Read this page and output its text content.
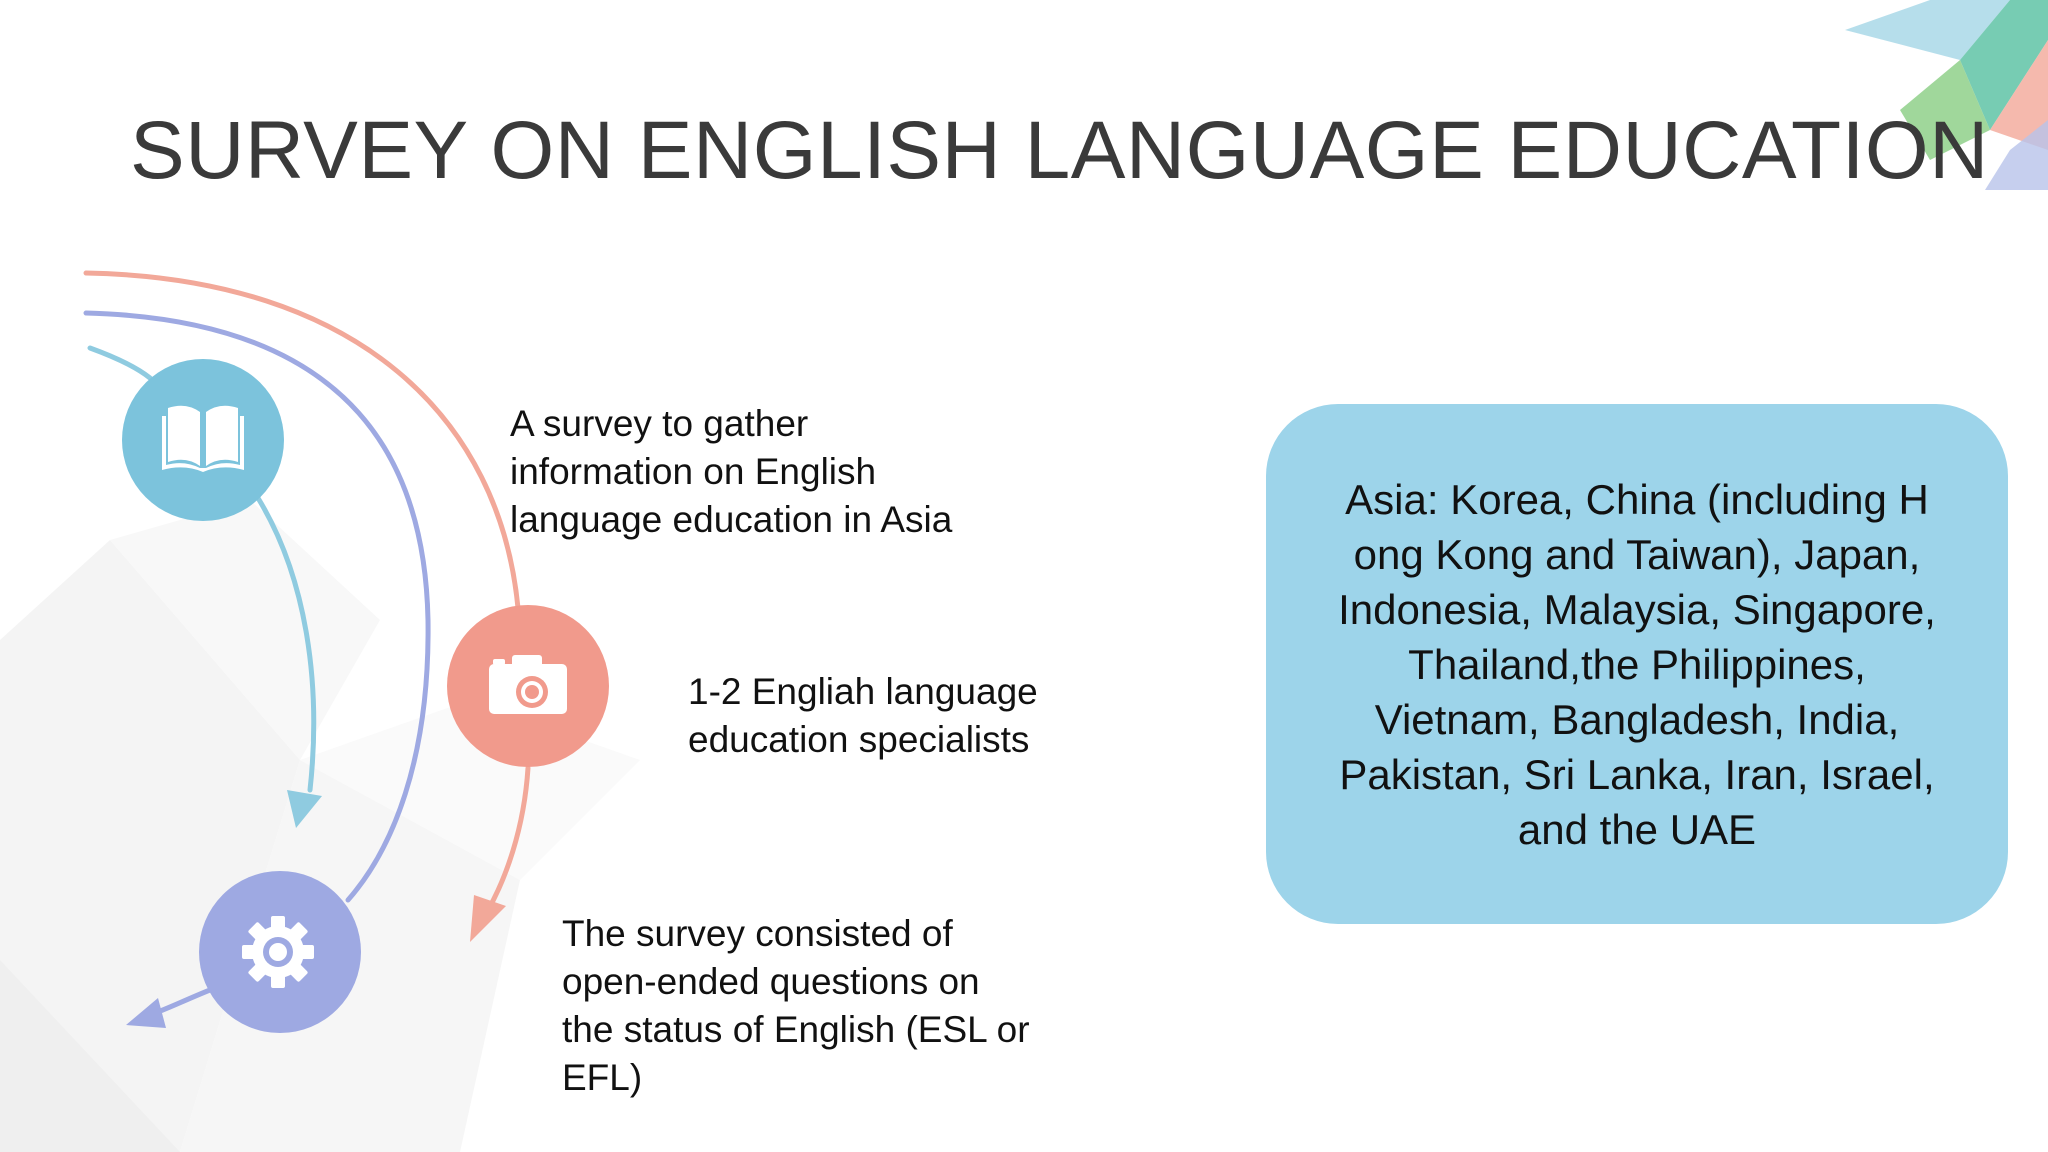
SURVEY ON ENGLISH LANGUAGE EDUCATION
A survey to gather
information on English
language education in Asia
1-2 Engliah language
education specialists
The survey consisted of
open-ended questions on
the status of English (ESL or
EFL)
Asia: Korea, China (including H
ong Kong and Taiwan), Japan,
Indonesia, Malaysia, Singapore,
Thailand,the Philippines,
Vietnam, Bangladesh, India,
Pakistan, Sri Lanka, Iran, Israel,
and the UAE
